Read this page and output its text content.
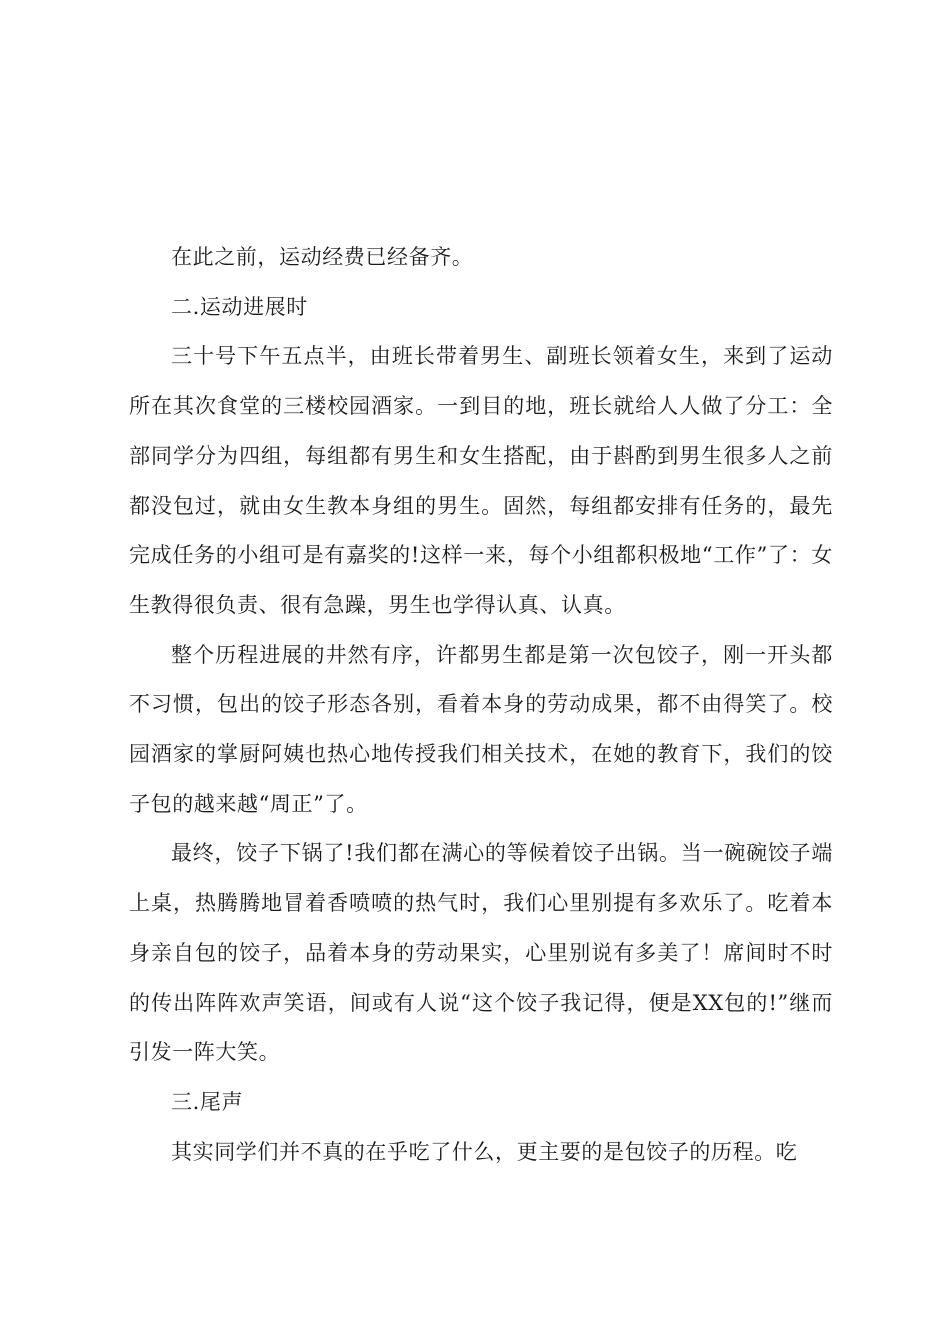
在此之前，运动经费已经备齐。

二.运动进展时

三十号下午五点半，由班长带着男生、副班长领着女生，来到了运动所在其次食堂的三楼校园酒家。一到目的地，班长就给人人做了分工：全部同学分为四组，每组都有男生和女生搭配，由于斟酌到男生很多人之前都没包过，就由女生教本身组的男生。固然，每组都安排有任务的，最先完成任务的小组可是有嘉奖的!这样一来，每个小组都积极地“工作”了：女生教得很负责、很有急躁，男生也学得认真、认真。

整个历程进展的井然有序，许都男生都是第一次包饺子，刚一开头都不习惯，包出的饺子形态各别，看着本身的劳动成果，都不由得笑了。校园酒家的掌厨阿姨也热心地传授我们相关技术，在她的教育下，我们的饺子包的越来越“周正”了。

最终，饺子下锅了!我们都在满心的等候着饺子出锅。当一碗碗饺子端上桌，热腾腾地冒着香喷喷的热气时，我们心里别提有多欢乐了。吃着本身亲自包的饺子，品着本身的劳动果实，心里别说有多美了！席间时不时的传出阵阵欢声笑语，间或有人说“这个饺子我记得，便是XX包的!”继而引发一阵大笑。

三.尾声

其实同学们并不真的在乎吃了什么，更主要的是包饺子的历程。吃
